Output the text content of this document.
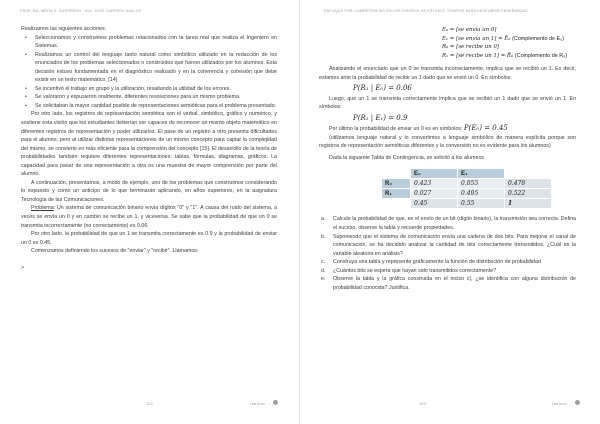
PROF. MA. MIRTA E. GUERRERO · ING. JOSÉ CARRERO AVALOS

Realizamos las siguientes acciones:

• Seleccionamos y construimos problemas relacionados con la tarea real que realiza el Ingeniero en Sistemas.
• Realizamos un control del lenguaje tanto natural como simbólico utilizado en la redacción de los enunciados de los problemas seleccionados o construidos que fueron utilizados por los alumnos. Esta decisión estuvo fundamentada en el diagnóstico realizado y en la coherencia y cohesión que debe existir en un texto matemático. [14]
• Se incentivó el trabajo en grupo y la utilización, resaltando la utilidad de los errores.
• Se valoraron y expusieron oralmente, diferentes resoluciones para un mismo problema.
• Se solicitaban la mayor cantidad posible de representaciones semióticas para el problema presentado.

Por otro lado, los registros de representación semiótica son el verbal, simbólico, gráfico y numérico, y sostiene esta visión que los estudiantes deberían ser capaces de reconocer un mismo objeto matemático en diferentes registros de representación y poder utilizarlos. El pase de un registro a otro presenta dificultades para el alumno, pero al utilizar distintas representaciones de un mismo concepto para captar la complejidad del mismo, se convierte en más eficiente para la comprensión del concepto [15]. El desarrollo de la teoría de probabilidades también requiere diferentes representaciones: tablas, fórmulas, diagramas, gráficos. La capacidad para pasar de una representación a otra es una muestra de mayor comprensión por parte del alumno.

A continuación, presentamos, a modo de ejemplo, uno de los problemas que construimos considerando lo expuesto y como un anticipo de lo que terminarán aplicando, en años superiores, en la asignatura Tecnología de las Comunicaciones.

Problema: Un sistema de comunicación binario envía dígitos "0" y "1". A causa del ruido del sistema, a veces se envía un 0 y en cambio se recibe un 1, y viceversa. Se sabe que la probabilidad de que un 0 se transmita incorrectamente (no correctamente) es 0.06.

Por otro lado, la probabilidad de que un 1 se transmita correctamente es 0.9 y la probabilidad de enviar un 0 es 0.45.

Comenzamos definiendo los sucesos de "enviar" y "recibir". Llamamos:

>

102	Hal ledo
ENFOQUE POR COMPETENCIAS EN LOS DISEÑOS DE ESTUDIO, TIEMPOS PARA DESCUBRIR ENSEÑANZAS
E₀ = [se envía un 0]
E₁ = [se envía un 1] = Ē₀ (Complemento de E₀)
R₀ = [se recibe un 0]
R₁ = [se recibe un 1] = R̄₀ (Complemento de R₀)

Analizando el enunciado que un 0 se transmita incorrectamente, implica que se recibió un 1. Es decir, estamos ante la probabilidad de recibir un 1 dado que se envió un 0. En símbolos:

P(R₁ | E₀) = 0.06

Luego, que un 1 se transmita correctamente implica que se recibió un 1 dado que se envió un 1. En símbolos:

P(R₁ | E₁) = 0.9

Por último la probabilidad de enviar un 0 es en símbolos: P(E₀) = 0.45

(utilizamos lenguaje natural y lo convertimos a lenguaje simbólico de manera explícita porque son registros de representación semióticas diferentes y la conversión no es evidente para los alumnos)

Dada la siguiente Tabla de Contingencia, se solicitó a los alumnos

	E₀	E₁	
R₀	0.423	0.055	0.478
R₁	0.027	0.495	0.522
	0.45	0.55	1
a. Calcule la probabilidad de que, en el envío de un bit (dígito binario), la transmisión sea correcta. Defina el suceso, observe la tabla y recuerde propiedades.
b. Suponiendo que el sistema de comunicación envía una cadena de dos bits. Para mejorar el canal de comunicación, se ha decidido analizar la cantidad de bits correctamente transmitidos. ¿Cuál es la variable aleatoria en análisis?
c. Construya una tabla y represente gráficamente la función de distribución de probabilidad
d. ¿Cuántos bits se espera que hayan sido transmitidos correctamente?
e. Observe la tabla y la gráfica construida en el inciso c), ¿se identifica con alguna distribución de probabilidad conocida? Justifica.
103	Hal ledo
